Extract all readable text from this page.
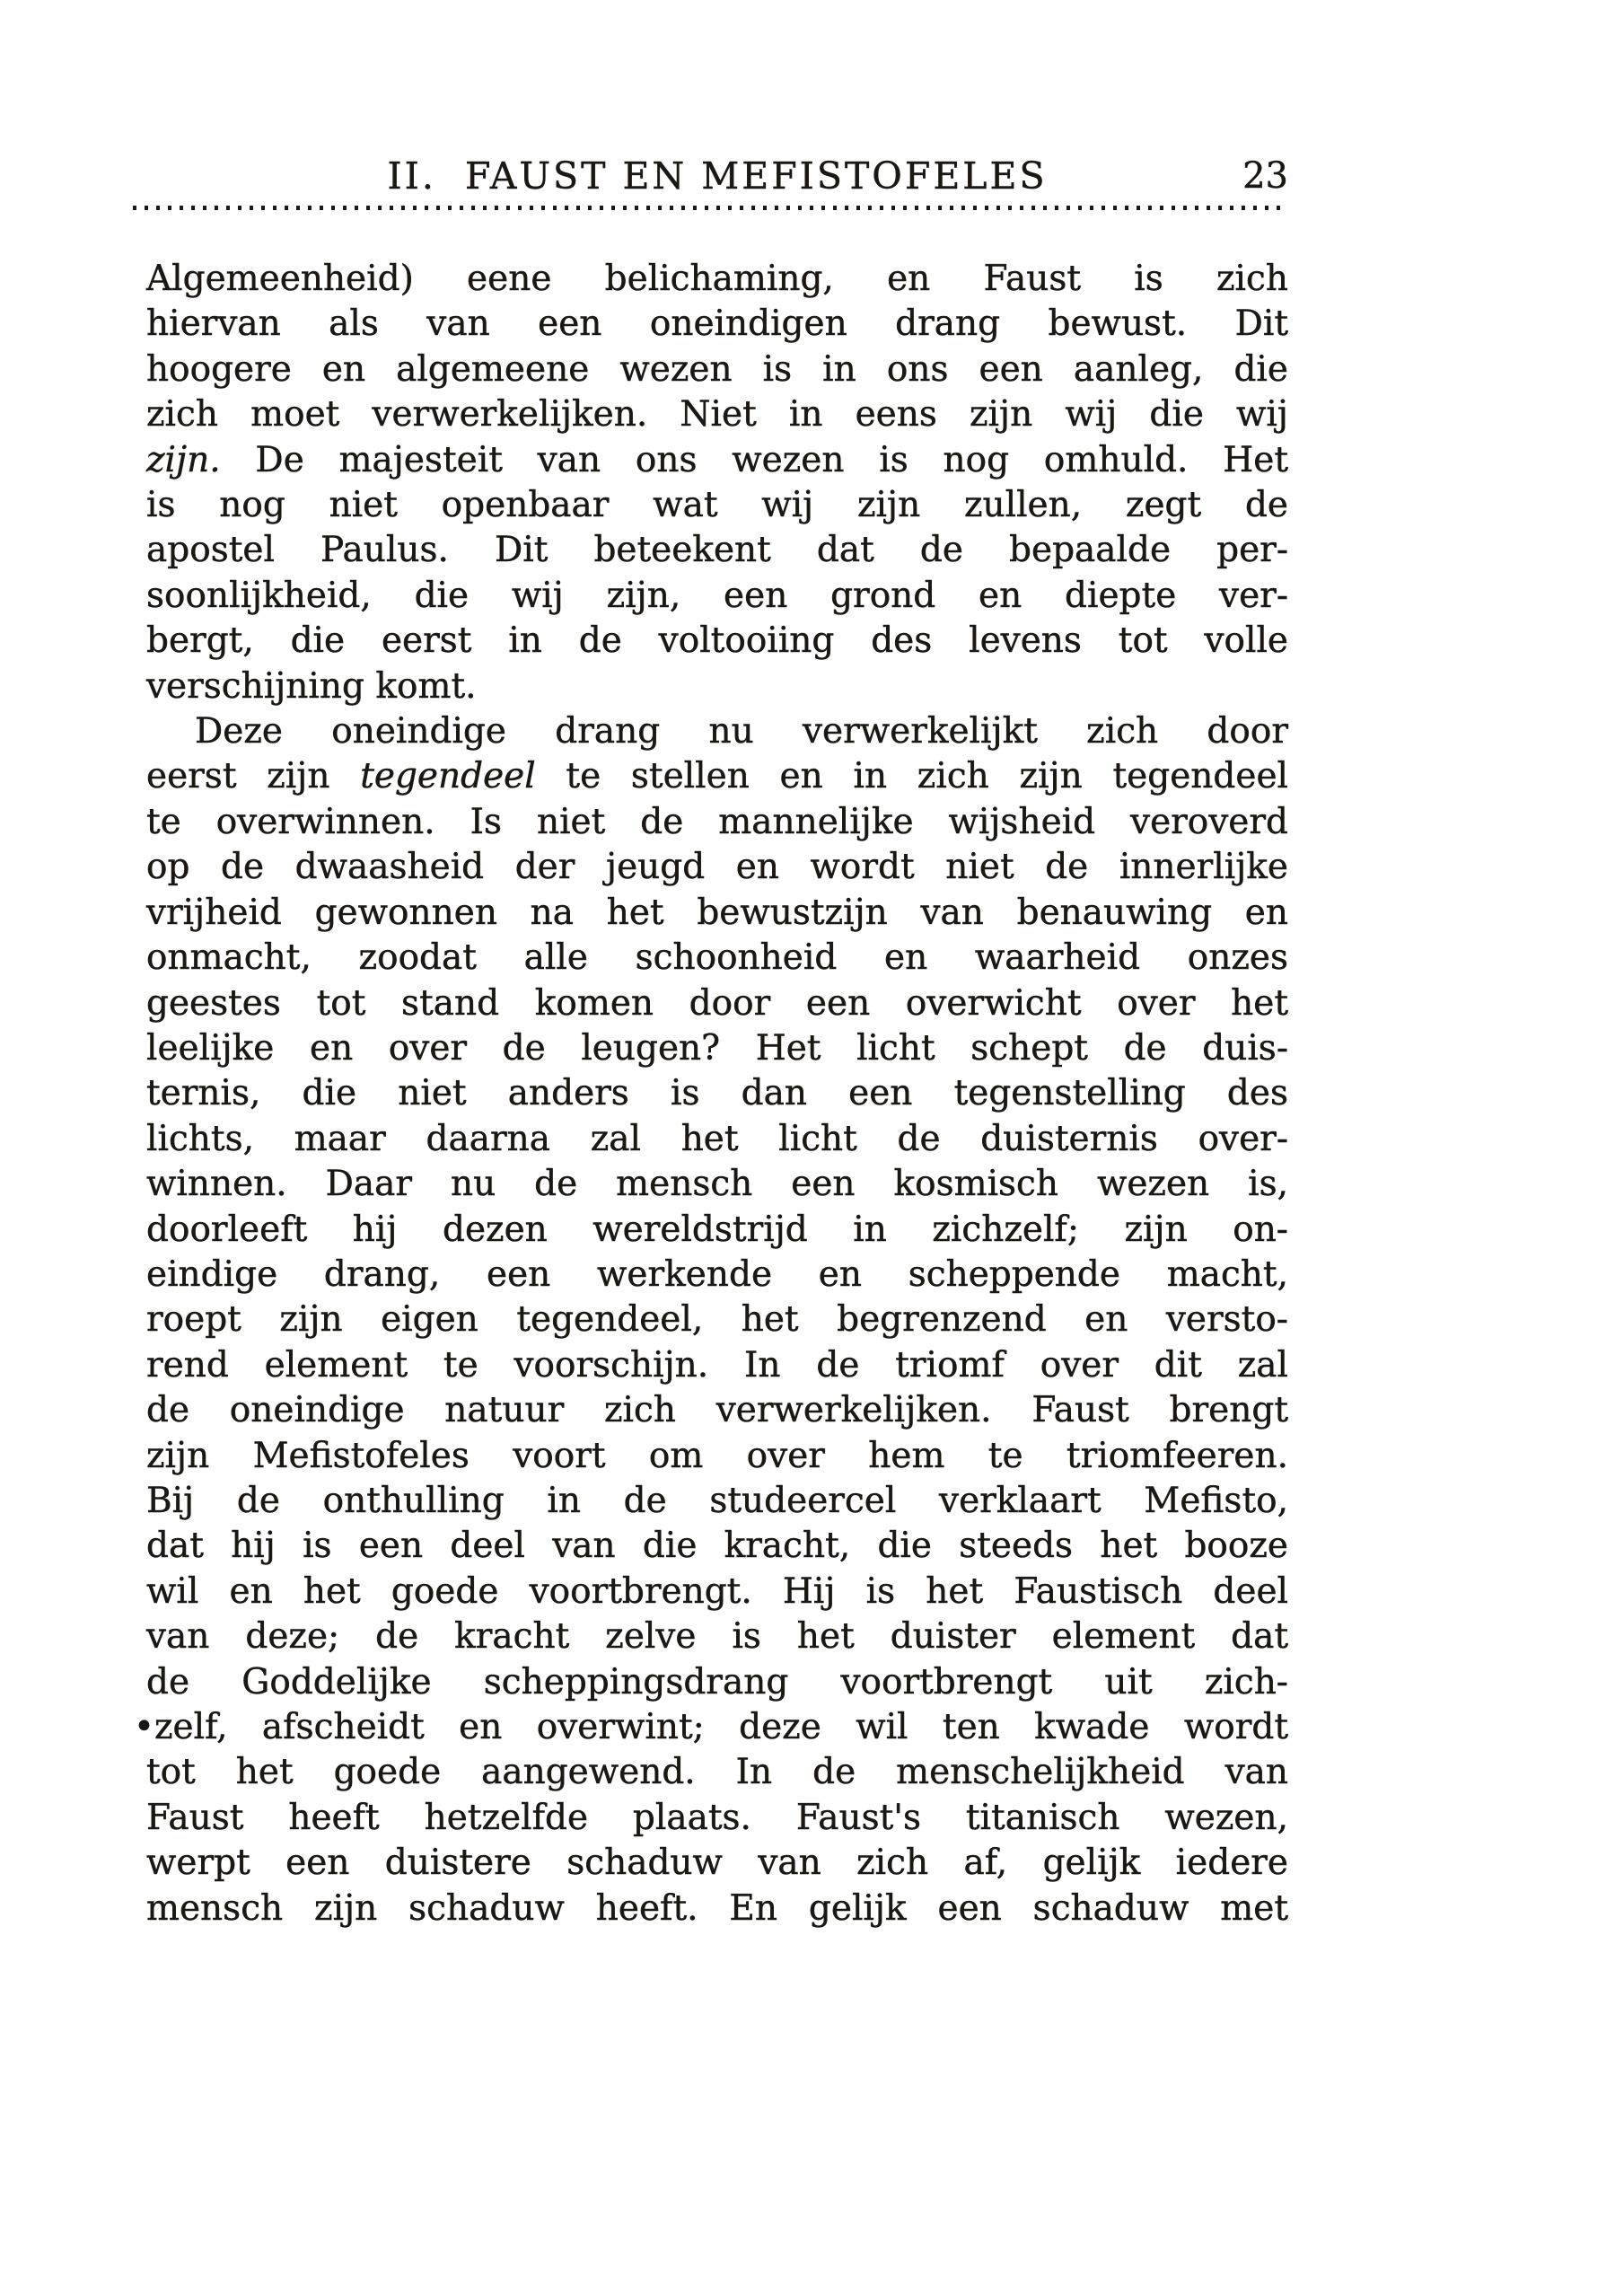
II.  FAUST EN MEFISTOFELES	23
Algemeenheid) eene belichaming, en Faust is zich
hiervan als van een oneindigen drang bewust. Dit
hoogere en algemeene wezen is in ons een aanleg, die
zich moet verwerkelijken. Niet in eens zijn wij die wij
zijn. De majesteit van ons wezen is nog omhuld. Het
is nog niet openbaar wat wij zijn zullen, zegt de
apostel Paulus. Dit beteekent dat de bepaalde per-
soonlijkheid, die wij zijn, een grond en diepte ver-
bergt, die eerst in de voltooiing des levens tot volle
verschijning komt.
Deze oneindige drang nu verwerkelijkt zich door
eerst zijn tegendeel te stellen en in zich zijn tegendeel
te overwinnen. Is niet de mannelijke wijsheid veroverd
op de dwaasheid der jeugd en wordt niet de innerlijke
vrijheid gewonnen na het bewustzijn van benauwing en
onmacht, zoodat alle schoonheid en waarheid onzes
geestes tot stand komen door een overwicht over het
leelijke en over de leugen? Het licht schept de duis-
ternis, die niet anders is dan een tegenstelling des
lichts, maar daarna zal het licht de duisternis over-
winnen. Daar nu de mensch een kosmisch wezen is,
doorleeft hij dezen wereldstrijd in zichzelf; zijn on-
eindige drang, een werkende en scheppende macht,
roept zijn eigen tegendeel, het begrenzend en versto-
rend element te voorschijn. In de triomf over dit zal
de oneindige natuur zich verwerkelijken. Faust brengt
zijn Mefistofeles voort om over hem te triomfeeren.
Bij de onthulling in de studeercel verklaart Mefisto,
dat hij is een deel van die kracht, die steeds het booze
wil en het goede voortbrengt. Hij is het Faustisch deel
van deze; de kracht zelve is het duister element dat
de Goddelijke scheppingsdrang voortbrengt uit zich-
•zelf, afscheidt en overwint; deze wil ten kwade wordt
tot het goede aangewend. In de menschelijkheid van
Faust heeft hetzelfde plaats. Faust's titanisch wezen,
werpt een duistere schaduw van zich af, gelijk iedere
mensch zijn schaduw heeft. En gelijk een schaduw met
